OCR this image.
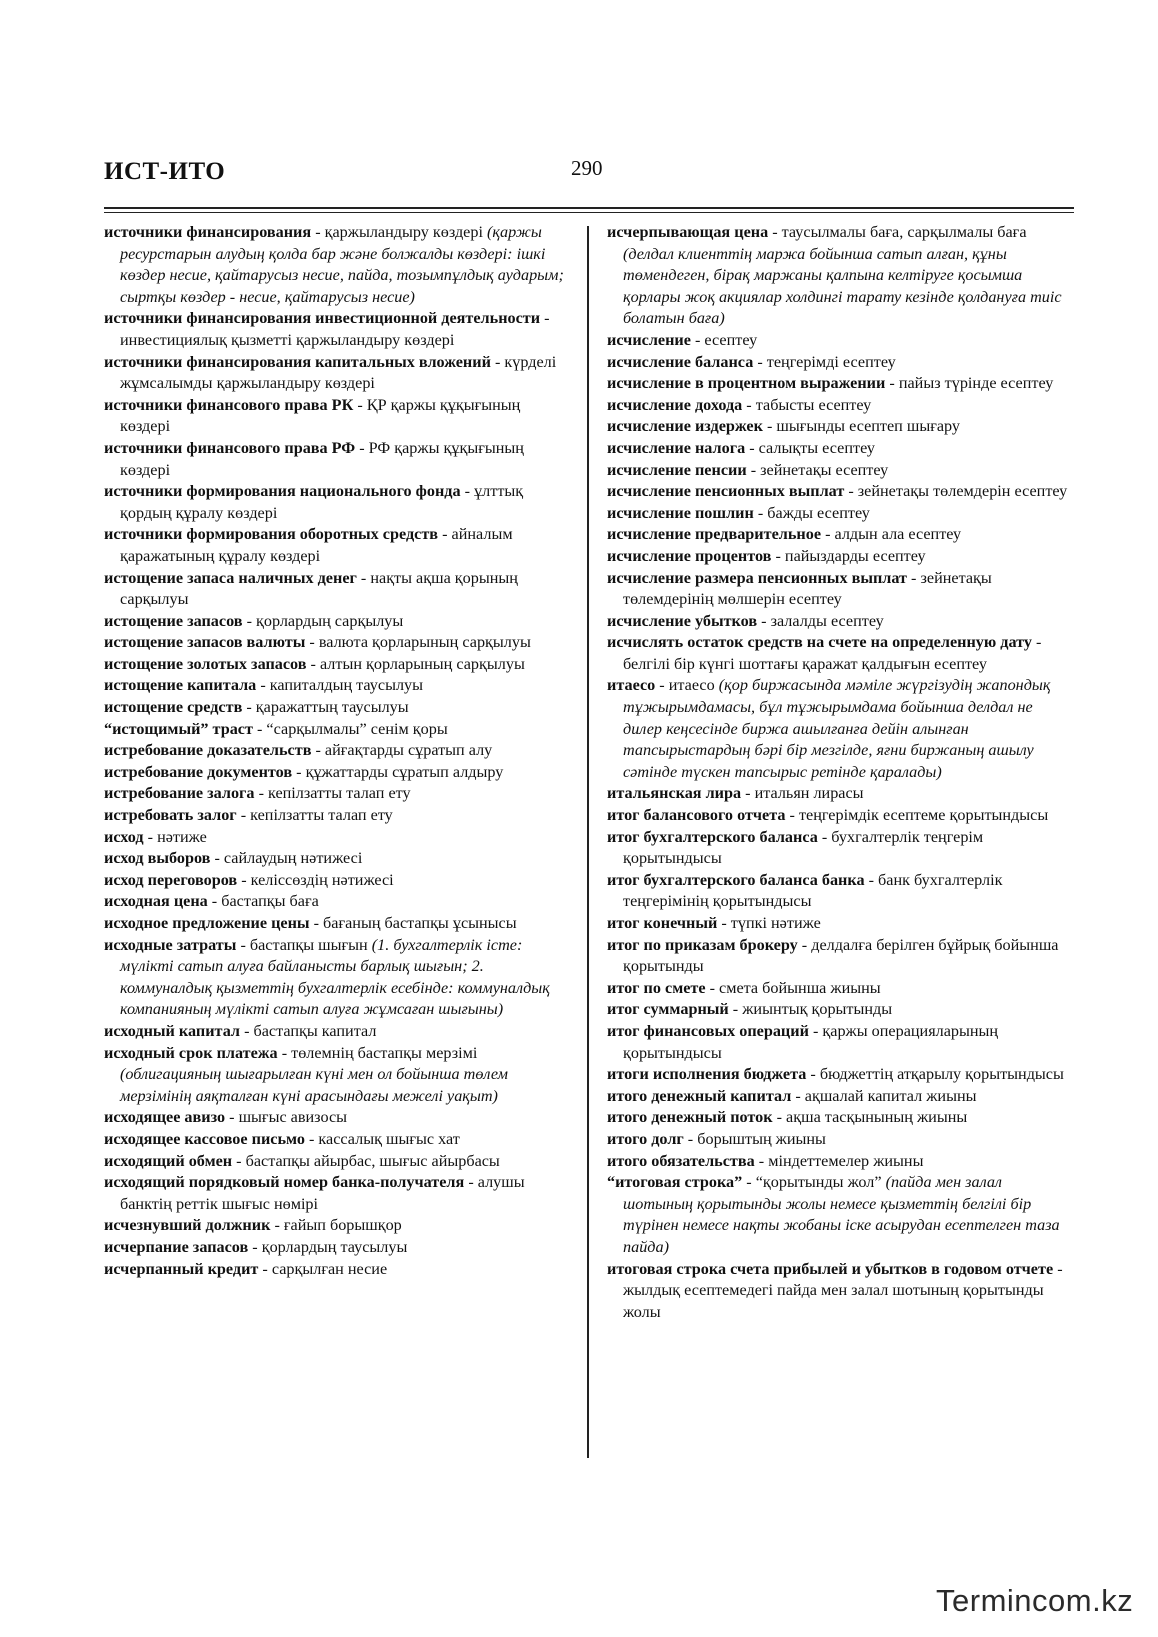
ИСТ-ИТО	290
источники финансирования - қаржыландыру көздері (қаржы ресурстарын алудың қолда бар және болжалды көздері: ішкі көздер несие, қайтарусыз несие, пайда, тозымпұлдық аударым; сыртқы көздер - несие, қайтарусыз несие)
источники финансирования инвестиционной деятельности - инвестициялық қызметті қаржыландыру көздері
источники финансирования капитальных вложений - күрделі жұмсалымды қаржыландыру көздері
источники финансового права РК - ҚР қаржы құқығының көздері
источники финансового права РФ - РФ қаржы құқығының көздері
источники формирования национального фонда - ұлттық қордың құралу көздері
источники формирования оборотных средств - айналым қаражатының құралу көздері
истощение запаса наличных денег - нақты ақша қорының сарқылуы
истощение запасов - қорлардың сарқылуы
истощение запасов валюты - валюта қорларының сарқылуы
истощение золотых запасов - алтын қорларының сарқылуы
истощение капитала - капиталдың таусылуы
истощение средств - қаражаттың таусылуы
“истощимый” траст - “сарқылмалы” сенім қоры
истребование доказательств - айғақтарды сұратып алу
истребование документов - құжаттарды сұратып алдыру
истребование залога - кепілзатты талап ету
истребовать залог - кепілзатты талап ету
исход - нәтиже
исход выборов - сайлаудың нәтижесі
исход переговоров - келіссөздің нәтижесі
исходная цена - бастапқы баға
исходное предложение цены - бағаның бастапқы ұсынысы
исходные затраты - бастапқы шығын (1. бухгалтерлік істе: мүлікті сатып алуға байланысты барлық шығын; 2. коммуналдық қызметтің бухгалтерлік есебінде: коммуналдық компанияның мүлікті сатып алуға жұмсаған шығыны)
исходный капитал - бастапқы капитал
исходный срок платежа - төлемнің бастапқы мерзімі (облигацияның шығарылған күні мен ол бойынша төлем мерзімінің аяқталған күні арасындағы межелі уақыт)
исходящее авизо - шығыс авизосы
исходящее кассовое письмо - кассалық шығыс хат
исходящий обмен - бастапқы айырбас, шығыс айырбасы
исходящий порядковый номер банка-получателя - алушы банктің реттік шығыс нөмірі
исчезнувший должник - ғайып борышқор
исчерпание запасов - қорлардың таусылуы
исчерпанный кредит - сарқылған несие
исчерпывающая цена - таусылмалы баға, сарқылмалы баға (делдал клиенттің маржа бойынша сатып алған, құны төмендеген, бірақ маржаны қалпына келтіруге қосымша қорлары жоқ акциялар холдингі тарату кезінде қолдануға тиіс болатын баға)
исчисление - есептеу
исчисление баланса - теңгерімді есептеу
исчисление в процентном выражении - пайыз түрінде есептеу
исчисление дохода - табысты есептеу
исчисление издержек - шығынды есептеп шығару
исчисление налога - салықты есептеу
исчисление пенсии - зейнетақы есептеу
исчисление пенсионных выплат - зейнетақы төлемдерін есептеу
исчисление пошлин - бажды есептеу
исчисление предварительное - алдын ала есептеу
исчисление процентов - пайыздарды есептеу
исчисление размера пенсионных выплат - зейнетақы төлемдерінің мөлшерін есептеу
исчисление убытков - залалды есептеу
исчислять остаток средств на счете на определенную дату - белгілі бір күнгі шоттағы қаражат қалдығын есептеу
итаесо - итаесо (қор биржасында мәміле жүргізудің жапондық тұжырымдамасы, бұл тұжырымдама бойынша делдал не дилер кеңсесінде биржа ашылғанға дейін алынған тапсырыстардың бәрі бір мезгілде, яғни биржаның ашылу сәтінде түскен тапсырыс ретінде қаралады)
итальянская лира - итальян лирасы
итог балансового отчета - теңгерімдік есептеме қорытындысы
итог бухгалтерского баланса - бухгалтерлік теңгерім қорытындысы
итог бухгалтерского баланса банка - банк бухгалтерлік теңгерімінің қорытындысы
итог конечный - түпкі нәтиже
итог по приказам брокеру - делдалға берілген бұйрық бойынша қорытынды
итог по смете - смета бойынша жиыны
итог суммарный - жиынтық қорытынды
итог финансовых операций - қаржы операцияларының қорытындысы
итоги исполнения бюджета - бюджеттің атқарылу қорытындысы
итого денежный капитал - ақшалай капитал жиыны
итого денежный поток - ақша тасқынының жиыны
итого долг - борыштың жиыны
итого обязательства - міндеттемелер жиыны
“итоговая строка” - “қорытынды жол” (пайда мен залал шотының қорытынды жолы немесе қызметтің белгілі бір түрінен немесе нақты жобаны іске асырудан есептелген таза пайда)
итоговая строка счета прибылей и убытков в годовом отчете - жылдық есептемедегі пайда мен залал шотының қорытынды жолы
Termincom.kz
